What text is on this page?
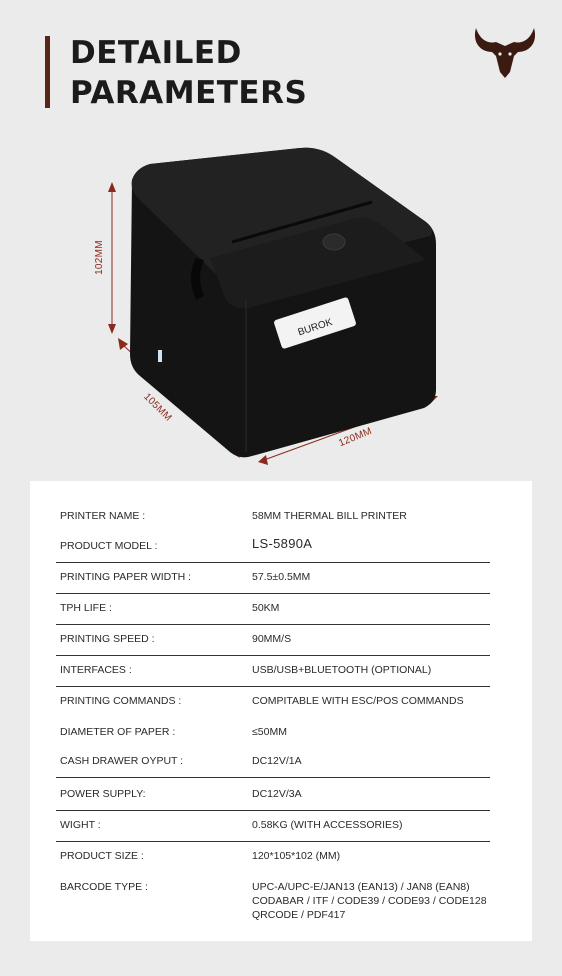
DETAILED
PARAMETERS
BUROK
102MM
105MM
120MM
PRINTER NAME :	58MM THERMAL BILL PRINTER
PRODUCT MODEL :	LS-5890A
PRINTING PAPER WIDTH :	57.5±0.5MM
TPH LIFE :	50KM
PRINTING SPEED :	90MM/S
INTERFACES :	USB/USB+BLUETOOTH (OPTIONAL)
PRINTING COMMANDS :	COMPITABLE WITH ESC/POS COMMANDS
DIAMETER OF PAPER :	≤50MM
CASH DRAWER OYPUT :	DC12V/1A
POWER SUPPLY:	DC12V/3A
WIGHT :	0.58KG (WITH ACCESSORIES)
PRODUCT SIZE :	120*105*102 (MM)
BARCODE TYPE :	UPC-A/UPC-E/JAN13 (EAN13) / JAN8 (EAN8)
CODABAR / ITF / CODE39 / CODE93 / CODE128
QRCODE / PDF417
